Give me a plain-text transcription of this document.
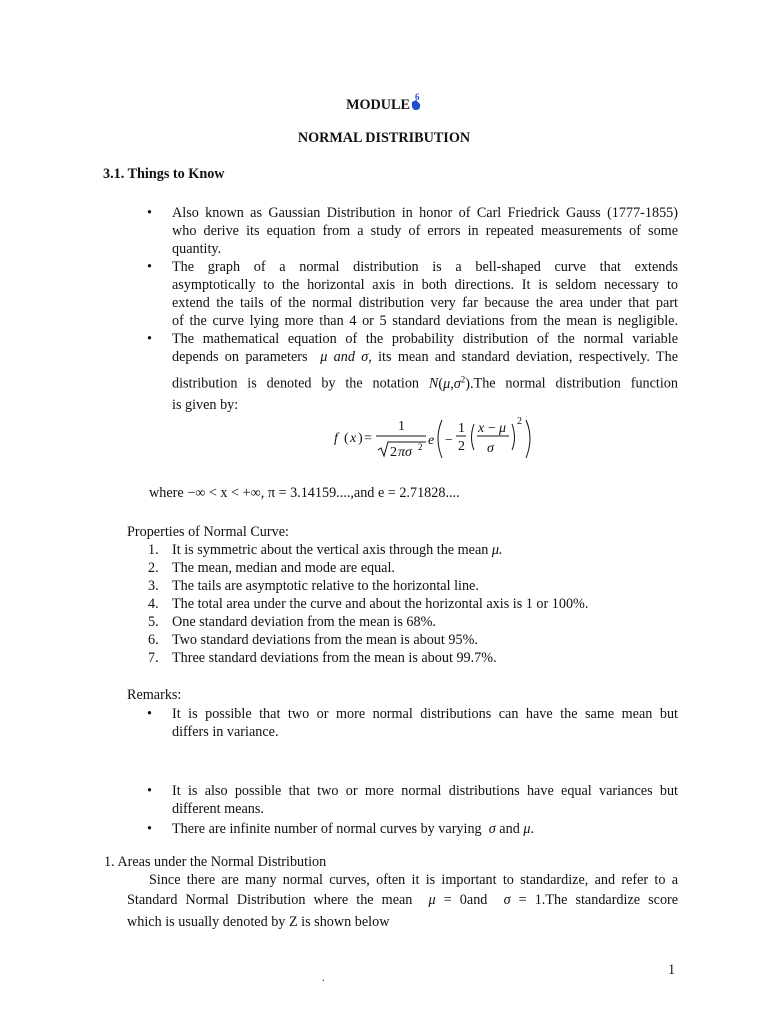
MODULE 6
NORMAL DISTRIBUTION
3.1. Things to Know
• Also known as Gaussian Distribution in honor of Carl Friedrick Gauss (1777-1855)
who derive its equation from a study of errors in repeated measurements of some
quantity.
• The graph of a normal distribution is a bell-shaped curve that extends
asymptotically to the horizontal axis in both directions. It is seldom necessary to
extend the tails of the normal distribution very far because the area under that part
of the curve lying more than 4 or 5 standard deviations from the mean is negligible.
• The mathematical equation of the probability distribution of the normal variable
depends on parameters  μ and σ, its mean and standard deviation, respectively. The
distribution is denoted by the notation $N(\mu,\sigma^2).The$ normal distribution function
is given by:
f ( x ) =
1
2 πσ 2 e −
1
2
x − μ
σ
2
where −∞ < x < +∞, π = 3.14159....,and e = 2.71828....
Properties of Normal Curve:
1. It is symmetric about the vertical axis through the mean μ.
2. The mean, median and mode are equal.
3. The tails are asymptotic relative to the horizontal line.
4. The total area under the curve and about the horizontal axis is 1 or 100%.
5. One standard deviation from the mean is 68%.
6. Two standard deviations from the mean is about 95%.
7. Three standard deviations from the mean is about 99.7%.
Remarks:
• It is possible that two or more normal distributions can have the same mean but
differs in variance.
• It is also possible that two or more normal distributions have equal variances but
different means.
• There are infinite number of normal curves by varying  σ and μ.
1. Areas under the Normal Distribution
Since there are many normal curves, often it is important to standardize, and refer to a
Standard Normal Distribution where the mean μ = 0and σ = 1.The standardize score
which is usually denoted by Z is shown below
1
.
